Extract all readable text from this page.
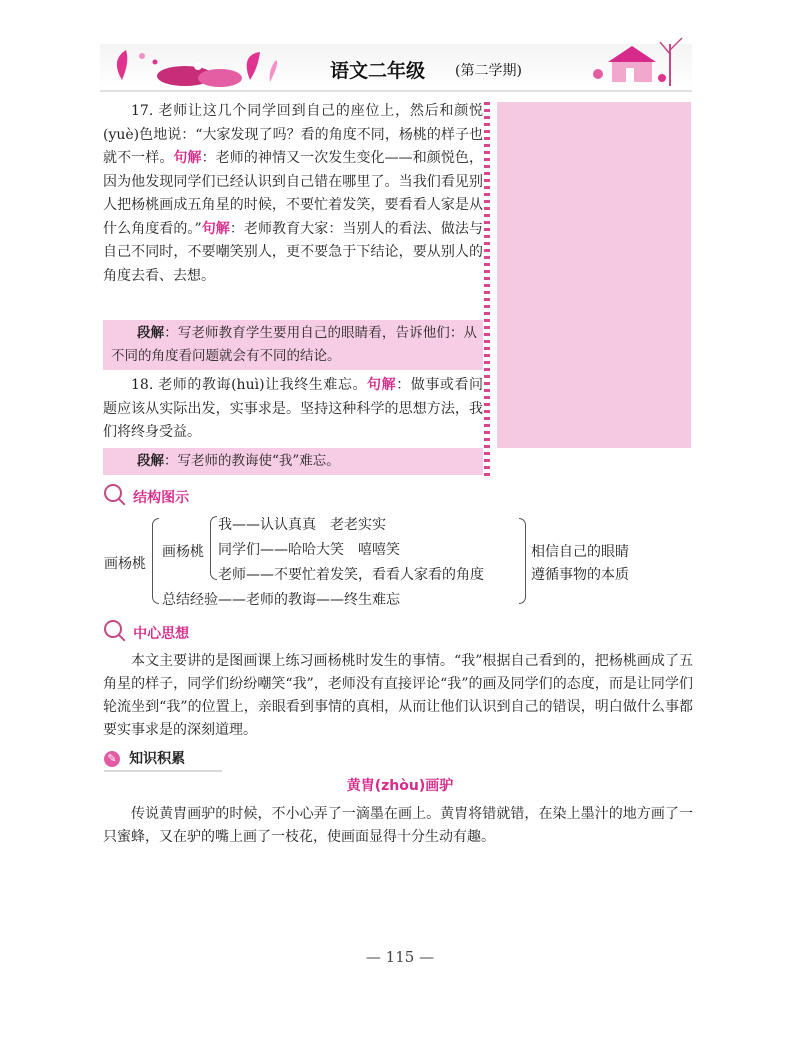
语文二年级 (第二学期)
17. 老师让这几个同学回到自己的座位上，然后和颜悦(yuè)色地说：“大家发现了吗？看的角度不同，杨桃的样子也就不一样。句解：老师的神情又一次发生变化——和颜悦色，因为他发现同学们已经认识到自己错在哪里了。当我们看见别人把杨桃画成五角星的时候，不要忙着发笑，要看看人家是从什么角度看的。”句解：老师教育大家：当别人的看法、做法与自己不同时，不要嘲笑别人，更不要急于下结论，要从别人的角度去看、去想。
段解：写老师教育学生要用自己的眼睛看，告诉他们：从不同的角度看问题就会有不同的结论。
18. 老师的教诲(huì)让我终生难忘。句解：做事或看问题应该从实际出发，实事求是。坚持这种科学的思想方法，我们将终身受益。
段解：写老师的教诲使“我”难忘。
结构图示
画杨桃
画杨桃
我——认认真真　老老实实
同学们——哈哈大笑　嘻嘻笑
老师——不要忙着发笑，看看人家看的角度
总结经验——老师的教诲——终生难忘
相信自己的眼睛
遵循事物的本质
中心思想
本文主要讲的是图画课上练习画杨桃时发生的事情。“我”根据自己看到的，把杨桃画成了五角星的样子，同学们纷纷嘲笑“我”，老师没有直接评论“我”的画及同学们的态度，而是让同学们轮流坐到“我”的位置上，亲眼看到事情的真相，从而让他们认识到自己的错误，明白做什么事都要实事求是的深刻道理。
✎ 知识积累
黄胄(zhòu)画驴
传说黄胄画驴的时候，不小心弄了一滴墨在画上。黄胄将错就错，在染上墨汁的地方画了一只蜜蜂，又在驴的嘴上画了一枝花，使画面显得十分生动有趣。
— 115 —
